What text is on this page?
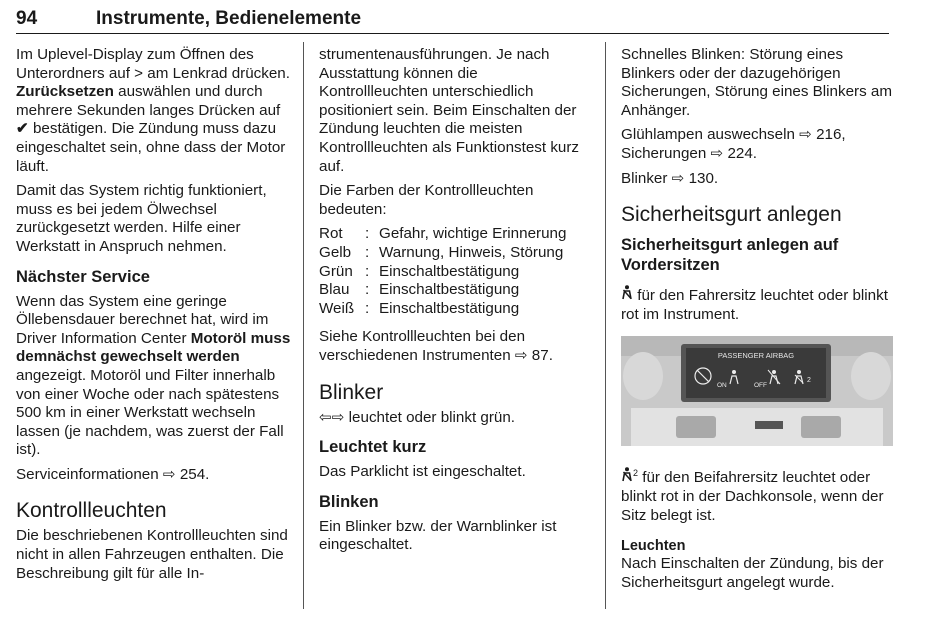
94	Instrumente, Bedienelemente

Im Uplevel-Display zum Öffnen des Unterordners auf > am Lenkrad drücken. Zurücksetzen auswählen und durch mehrere Sekunden langes Drücken auf ✔ bestätigen. Die Zündung muss dazu eingeschaltet sein, ohne dass der Motor läuft.

Damit das System richtig funktioniert, muss es bei jedem Ölwechsel zurückgesetzt werden. Hilfe einer Werkstatt in Anspruch nehmen.

Nächster Service

Wenn das System eine geringe Öllebensdauer berechnet hat, wird im Driver Information Center Motoröl muss demnächst gewechselt werden angezeigt. Motoröl und Filter innerhalb von einer Woche oder nach spätestens 500 km in einer Werkstatt wechseln lassen (je nachdem, was zuerst der Fall ist).

Serviceinformationen ⇨ 254.

Kontrollleuchten

Die beschriebenen Kontrollleuchten sind nicht in allen Fahrzeugen enthalten. Die Beschreibung gilt für alle In-

strumentenausführungen. Je nach Ausstattung können die Kontrollleuchten unterschiedlich positioniert sein. Beim Einschalten der Zündung leuchten die meisten Kontrollleuchten als Funktionstest kurz auf.

Die Farben der Kontrollleuchten bedeuten:

Rot	: Gefahr, wichtige Erinnerung
Gelb : Warnung, Hinweis, Störung
Grün : Einschaltbestätigung
Blau	: Einschaltbestätigung
Weiß : Einschaltbestätigung

Siehe Kontrollleuchten bei den verschiedenen Instrumenten ⇨ 87.

Blinker

⇦⇨ leuchtet oder blinkt grün.

Leuchtet kurz

Das Parklicht ist eingeschaltet.

Blinken

Ein Blinker bzw. der Warnblinker ist eingeschaltet.

Schnelles Blinken: Störung eines Blinkers oder der dazugehörigen Sicherungen, Störung eines Blinkers am Anhänger.

Glühlampen auswechseln ⇨ 216, Sicherungen ⇨ 224.

Blinker ⇨ 130.

Sicherheitsgurt anlegen
Sicherheitsgurt anlegen auf Vordersitzen

für den Fahrersitz leuchtet oder blinkt rot im Instrument.

PASSENGER AIRBAG
ON	OFF
2

$^2$ für den Beifahrersitz leuchtet oder blinkt rot in der Dachkonsole, wenn der Sitz belegt ist.

Leuchten

Nach Einschalten der Zündung, bis der Sicherheitsgurt angelegt wurde.
